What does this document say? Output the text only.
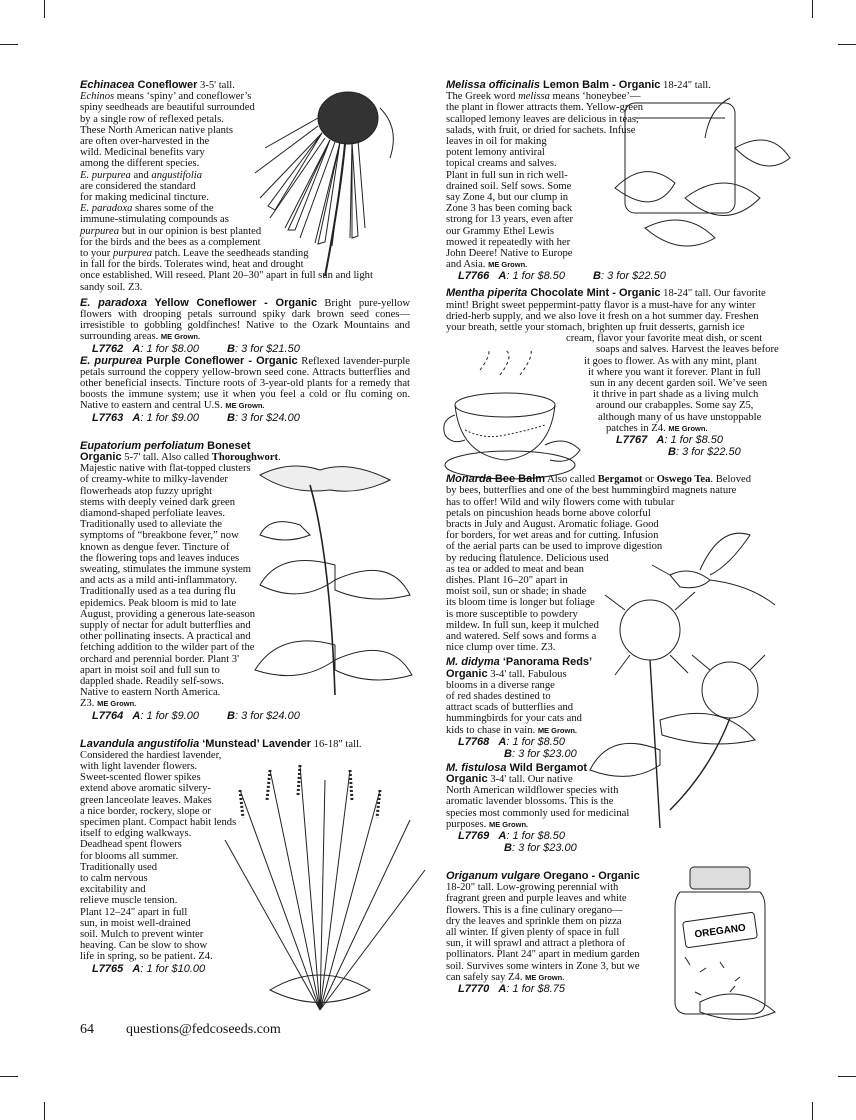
OREGANO
Echinacea Coneflower 3-5' tall.
Echinos means ‘spiny’ and coneflower’s
spiny seedheads are beautiful surrounded
by a single row of reflexed petals.
These North American native plants
are often over-harvested in the
wild. Medicinal benefits vary
among the different species.
E. purpurea and angustifolia
are considered the standard
for making medicinal tincture.
E. paradoxa shares some of the
immune-stimulating compounds as
purpurea but in our opinion is best planted
for the birds and the bees as a complement
to your purpurea patch. Leave the seedheads standing
in fall for the birds. Tolerates wind, heat and drought
once established. Will reseed. Plant 20–30" apart in full sun and light
sandy soil. Z3.
E. paradoxa Yellow Coneflower - Organic Bright pure-yellow flowers with drooping petals surround spiky dark brown seed cones—irresistible to gobbling goldfinches! Native to the Ozark Mountains and surrounding areas. ME Grown.
L7762 A: 1 for $8.00	B: 3 for $21.50
E. purpurea Purple Coneflower - Organic Reflexed lavender-purple petals surround the coppery yellow-brown seed cone. Attracts butterflies and other beneficial insects. Tincture roots of 3-year-old plants for a remedy that boosts the immune system; use it when you feel a cold or flu coming on. Native to eastern and central U.S. ME Grown.
L7763 A: 1 for $9.00	B: 3 for $24.00
Eupatorium perfoliatum Boneset
Organic 5-7' tall. Also called Thoroughwort.
Majestic native with flat-topped clusters
of creamy-white to milky-lavender
flowerheads atop fuzzy upright
stems with deeply veined dark green
diamond-shaped perfoliate leaves.
Traditionally used to alleviate the
symptoms of “breakbone fever,” now
known as dengue fever. Tincture of
the flowering tops and leaves induces
sweating, stimulates the immune system
and acts as a mild anti-inflammatory.
Traditionally used as a tea during flu
epidemics. Peak bloom is mid to late
August, providing a generous late-season
supply of nectar for adult butterflies and
other pollinating insects. A practical and
fetching addition to the wilder part of the
orchard and perennial border. Plant 3'
apart in moist soil and full sun to
dappled shade. Readily self-sows.
Native to eastern North America.
Z3. ME Grown.
L7764 A: 1 for $9.00	B: 3 for $24.00
Lavandula angustifolia ‘Munstead’ Lavender 16-18" tall.
Considered the hardiest lavender,
with light lavender flowers.
Sweet-scented flower spikes
extend above aromatic silvery-
green lanceolate leaves. Makes
a nice border, rockery, slope or
specimen plant. Compact habit lends
itself to edging walkways.
Deadhead spent flowers
for blooms all summer.
Traditionally used
to calm nervous
excitability and
relieve muscle tension.
Plant 12–24" apart in full
sun, in moist well-drained
soil. Mulch to prevent winter
heaving. Can be slow to show
life in spring, so be patient. Z4.
L7765 A: 1 for $10.00
Melissa officinalis Lemon Balm - Organic 18-24" tall.
The Greek word melissa means ‘honeybee’—
the plant in flower attracts them. Yellow-green
scalloped lemony leaves are delicious in teas,
salads, with fruit, or dried for sachets. Infuse
leaves in oil for making
potent lemony antiviral
topical creams and salves.
Plant in full sun in rich well-
drained soil. Self sows. Some
say Zone 4, but our clump in
Zone 3 has been coming back
strong for 13 years, even after
our Grammy Ethel Lewis
mowed it repeatedly with her
John Deere! Native to Europe
and Asia. ME Grown.
L7766 A: 1 for $8.50	B: 3 for $22.50
Mentha piperita Chocolate Mint - Organic 18-24" tall. Our favorite
mint! Bright sweet peppermint-patty flavor is a must-have for any winter
dried-herb supply, and we also love it fresh on a hot summer day. Freshen
your breath, settle your stomach, brighten up fruit desserts, garnish ice
cream, flavor your favorite meat dish, or scent
soaps and salves. Harvest the leaves before
it goes to flower. As with any mint, plant
it where you want it forever. Plant in full
sun in any decent garden soil. We’ve seen
it thrive in part shade as a living mulch
around our crabapples. Some say Z5,
although many of us have unstoppable
patches in Z4. ME Grown.
L7767 A: 1 for $8.50
B: 3 for $22.50
Monarda Bee Balm Also called Bergamot or Oswego Tea. Beloved
by bees, butterflies and one of the best hummingbird magnets nature
has to offer! Wild and wily flowers come with tubular
petals on pincushion heads borne above colorful
bracts in July and August. Aromatic foliage. Good
for borders, for wet areas and for cutting. Infusion
of the aerial parts can be used to improve digestion
by reducing flatulence. Delicious used
as tea or added to meat and bean
dishes. Plant 16–20" apart in
moist soil, sun or shade; in shade
its bloom time is longer but foliage
is more susceptible to powdery
mildew. In full sun, keep it mulched
and watered. Self sows and forms a
nice clump over time. Z3.
M. didyma ‘Panorama Reds’
Organic 3-4' tall. Fabulous
blooms in a diverse range
of red shades destined to
attract scads of butterflies and
hummingbirds for your cats and
kids to chase in vain. ME Grown.
L7768 A: 1 for $8.50
B: 3 for $23.00
M. fistulosa Wild Bergamot
Organic 3-4' tall. Our native
North American wildflower species with
aromatic lavender blossoms. This is the
species most commonly used for medicinal
purposes. ME Grown.
L7769 A: 1 for $8.50
B: 3 for $23.00
Origanum vulgare Oregano - Organic
18-20" tall. Low-growing perennial with
fragrant green and purple leaves and white
flowers. This is a fine culinary oregano—
dry the leaves and sprinkle them on pizza
all winter. If given plenty of space in full
sun, it will sprawl and attract a plethora of
pollinators. Plant 24" apart in medium garden
soil. Survives some winters in Zone 3, but we
can safely say Z4. ME Grown.
L7770 A: 1 for $8.75
64 questions@fedcoseeds.com
